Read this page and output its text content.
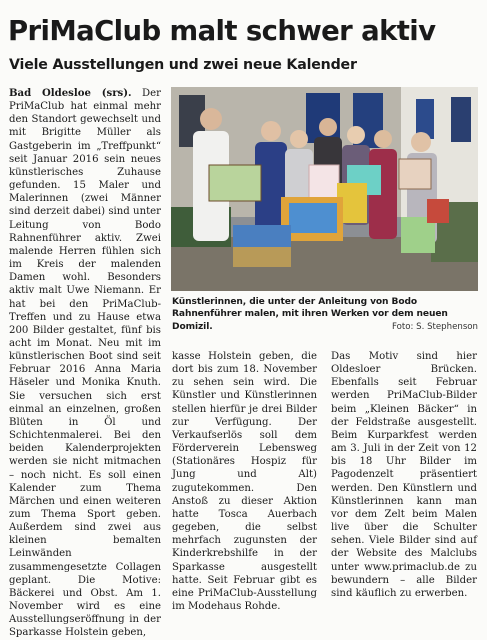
PriMaClub malt schwer aktiv
Viele Ausstellungen und zwei neue Kalender

Bad Oldesloe (srs). Der PriMaClub hat einmal mehr den Standort gewechselt und mit Brigitte Müller als Gastgeberin im „Treffpunkt“ seit Januar 2016 sein neues künstlerisches Zuhause gefunden. 15 Maler und Malerinnen (zwei Männer sind derzeit dabei) sind unter Leitung von Bodo Rahnenführer aktiv. Zwei malende Herren fühlen sich im Kreis der malenden Damen wohl. Besonders aktiv malt Uwe Niemann. Er hat bei den PriMaClub-Treffen und zu Hause etwa 200 Bilder gestaltet, fünf bis acht im Monat. Neu mit im künstlerischen Boot sind seit Februar 2016 Anna Maria Häseler und Monika Knuth. Sie versuchen sich erst einmal an einzelnen, großen Blüten in Öl und Schichtenmalerei. Bei den beiden Kalenderprojekten werden sie nicht mitmachen – noch nicht. Es soll einen Kalender zum Thema Märchen und einen weiteren zum Thema Sport geben. Außerdem sind zwei aus kleinen bemalten Leinwänden zusammengesetzte Collagen geplant. Die Motive: Bäckerei und Obst. Am 1. November wird es eine Ausstellungseröffnung in der Sparkasse Holstein geben,

Künstlerinnen, die unter der Anleitung von Bodo Rahnenführer malen, mit ihren Werken vor dem neuen Domizil.	Foto: S. Stephenson

kasse Holstein geben, die dort bis zum 18. November zu sehen sein wird. Die Künstler und Künstlerinnen stellen hierfür je drei Bilder zur Verfügung. Der Verkaufserlös soll dem Förderverein Lebensweg (Stationäres Hospiz für Jung und Alt) zugutekommen. Den Anstoß zu dieser Aktion hatte Tosca Auerbach gegeben, die selbst mehrfach zugunsten der Kinderkrebshilfe in der Sparkasse ausgestellt hatte. Seit Februar gibt es eine PriMaClub-Ausstellung im Modehaus Rohde.

Das Motiv sind hier Oldesloer Brücken. Ebenfalls seit Februar werden PriMaClub-Bilder beim „Kleinen Bäcker“ in der Feldstraße ausgestellt. Beim Kurparkfest werden am 3. Juli in der Zeit von 12 bis 18 Uhr Bilder im Pagodenzelt präsentiert werden. Den Künstlern und Künstlerinnen kann man vor dem Zelt beim Malen live über die Schulter sehen. Viele Bilder sind auf der Website des Malclubs unter www.primaclub.de zu bewundern – alle Bilder sind käuflich zu erwerben.
